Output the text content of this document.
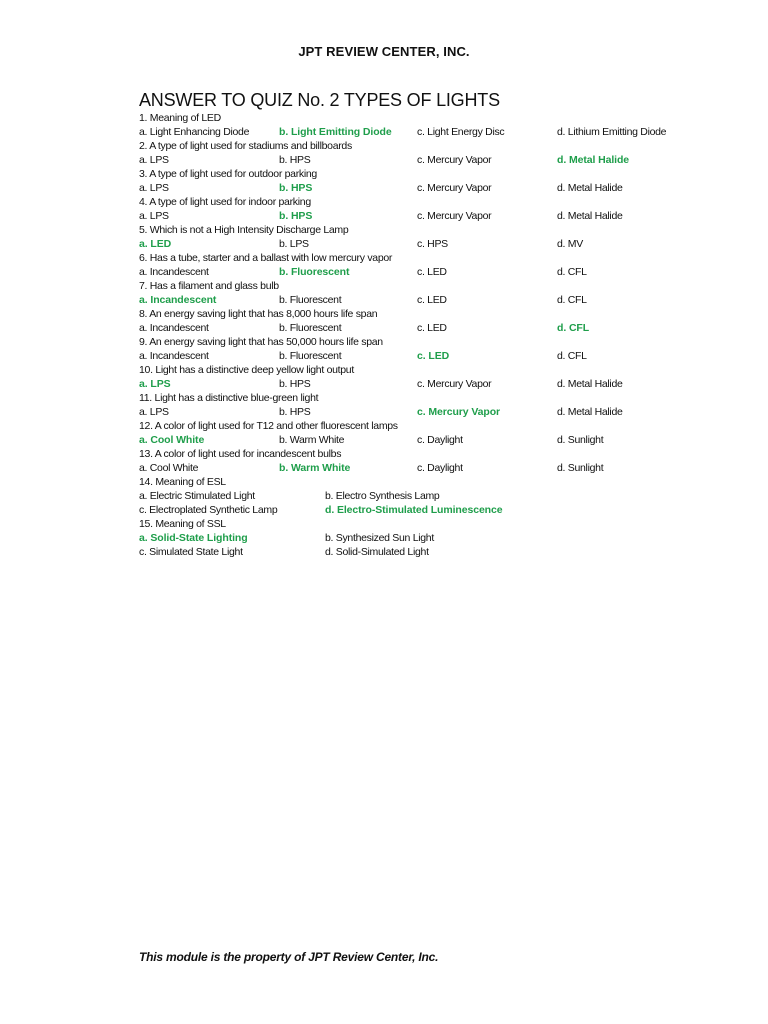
JPT REVIEW CENTER, INC.
ANSWER TO QUIZ No. 2 TYPES OF LIGHTS
1. Meaning of LED
a. Light Enhancing Diode	b. Light Emitting Diode c. Light Energy Disc	d. Lithium Emitting Diode
2. A type of light used for stadiums and billboards
a. LPS	b. HPS	c. Mercury Vapor	d. Metal Halide
3. A type of light used for outdoor parking
a. LPS	b. HPS	c. Mercury Vapor	d. Metal Halide
4. A type of light used for indoor parking
a. LPS	b. HPS	c. Mercury Vapor	d. Metal Halide
5. Which is not a High Intensity Discharge Lamp
a. LED	b. LPS	c. HPS	d. MV
6. Has a tube, starter and a ballast with low mercury vapor
a. Incandescent	b. Fluorescent	c. LED	d. CFL
7. Has a filament and glass bulb
a. Incandescent	b. Fluorescent	c. LED	d. CFL
8. An energy saving light that has 8,000 hours life span
a. Incandescent	b. Fluorescent	c. LED	d. CFL
9. An energy saving light that has 50,000 hours life span
a. Incandescent	b. Fluorescent	c. LED	d. CFL
10. Light has a distinctive deep yellow light output
a. LPS	b. HPS	c. Mercury Vapor	d. Metal Halide
11. Light has a distinctive blue-green light
a. LPS	b. HPS	c. Mercury Vapor	d. Metal Halide
12. A color of light used for T12 and other fluorescent lamps
a. Cool White	b. Warm White	c. Daylight	d. Sunlight
13. A color of light used for incandescent bulbs
a. Cool White	b. Warm White	c. Daylight	d. Sunlight
14. Meaning of ESL
a. Electric Stimulated Light	b. Electro Synthesis Lamp
c. Electroplated Synthetic Lamp	d. Electro-Stimulated Luminescence
15. Meaning of SSL
a. Solid-State Lighting	b. Synthesized Sun Light
c. Simulated State Light	d. Solid-Simulated Light
This module is the property of JPT Review Center, Inc.
